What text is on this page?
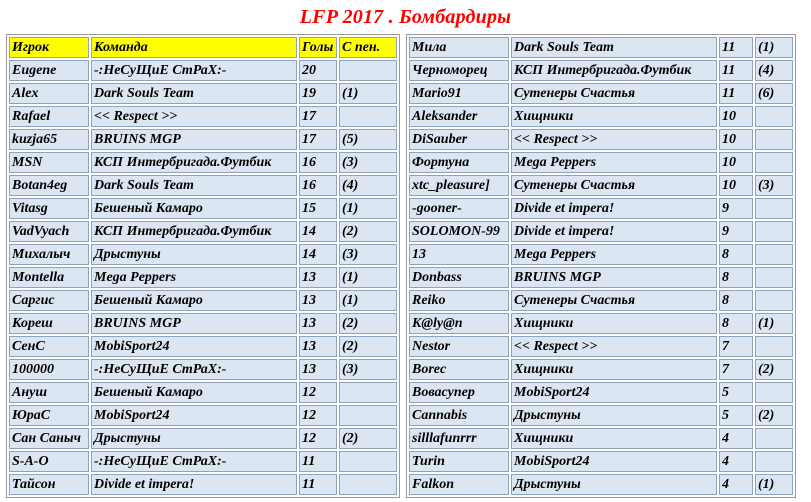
LFP 2017 . Бомбардиры
Игрок	Команда	Голы	С пен.
Eugene	-:НеСуЩиЕ СтРаХ:-	20	
Alex	Dark Souls Team	19	(1)
Rafael	<< Respect >>	17	
kuzja65	BRUINS MGP	17	(5)
MSN	КСП Интербригада.Футбик	16	(3)
Botan4eg	Dark Souls Team	16	(4)
Vitasg	Бешеный Камаро	15	(1)
VadVyach	КСП Интербригада.Футбик	14	(2)
Михалыч	Дрыстуны	14	(3)
Montella	Mega Peppers	13	(1)
Саргис	Бешеный Камаро	13	(1)
Кореш	BRUINS MGP	13	(2)
СенС	MobiSport24	13	(2)
100000	-:НеСуЩиЕ СтРаХ:-	13	(3)
Ануш	Бешеный Камаро	12	
ЮраС	MobiSport24	12	
Сан Саныч	Дрыстуны	12	(2)
S-A-O	-:НеСуЩиЕ СтРаХ:-	11	
Тайсон	Divide et impera!	11	
Мила	Dark Souls Team	11	(1)
Черноморец	КСП Интербригада.Футбик	11	(4)
Mario91	Сутенеры Счастья	11	(6)
Aleksander	Хищники	10	
DiSauber	<< Respect >>	10	
Фортуна	Mega Peppers	10	
xtc_pleasure]	Сутенеры Счастья	10	(3)
-gooner-	Divide et impera!	9	
SOLOMON-99	Divide et impera!	9	
13	Mega Peppers	8	
Donbass	BRUINS MGP	8	
Reiko	Сутенеры Счастья	8	
K@ly@n	Хищники	8	(1)
Nestor	<< Respect >>	7	
Borec	Хищники	7	(2)
Вовасупер	MobiSport24	5	
Cannabis	Дрыстуны	5	(2)
silllafunrrr	Хищники	4	
Turin	MobiSport24	4	
Falkon	Дрыстуны	4	(1)
